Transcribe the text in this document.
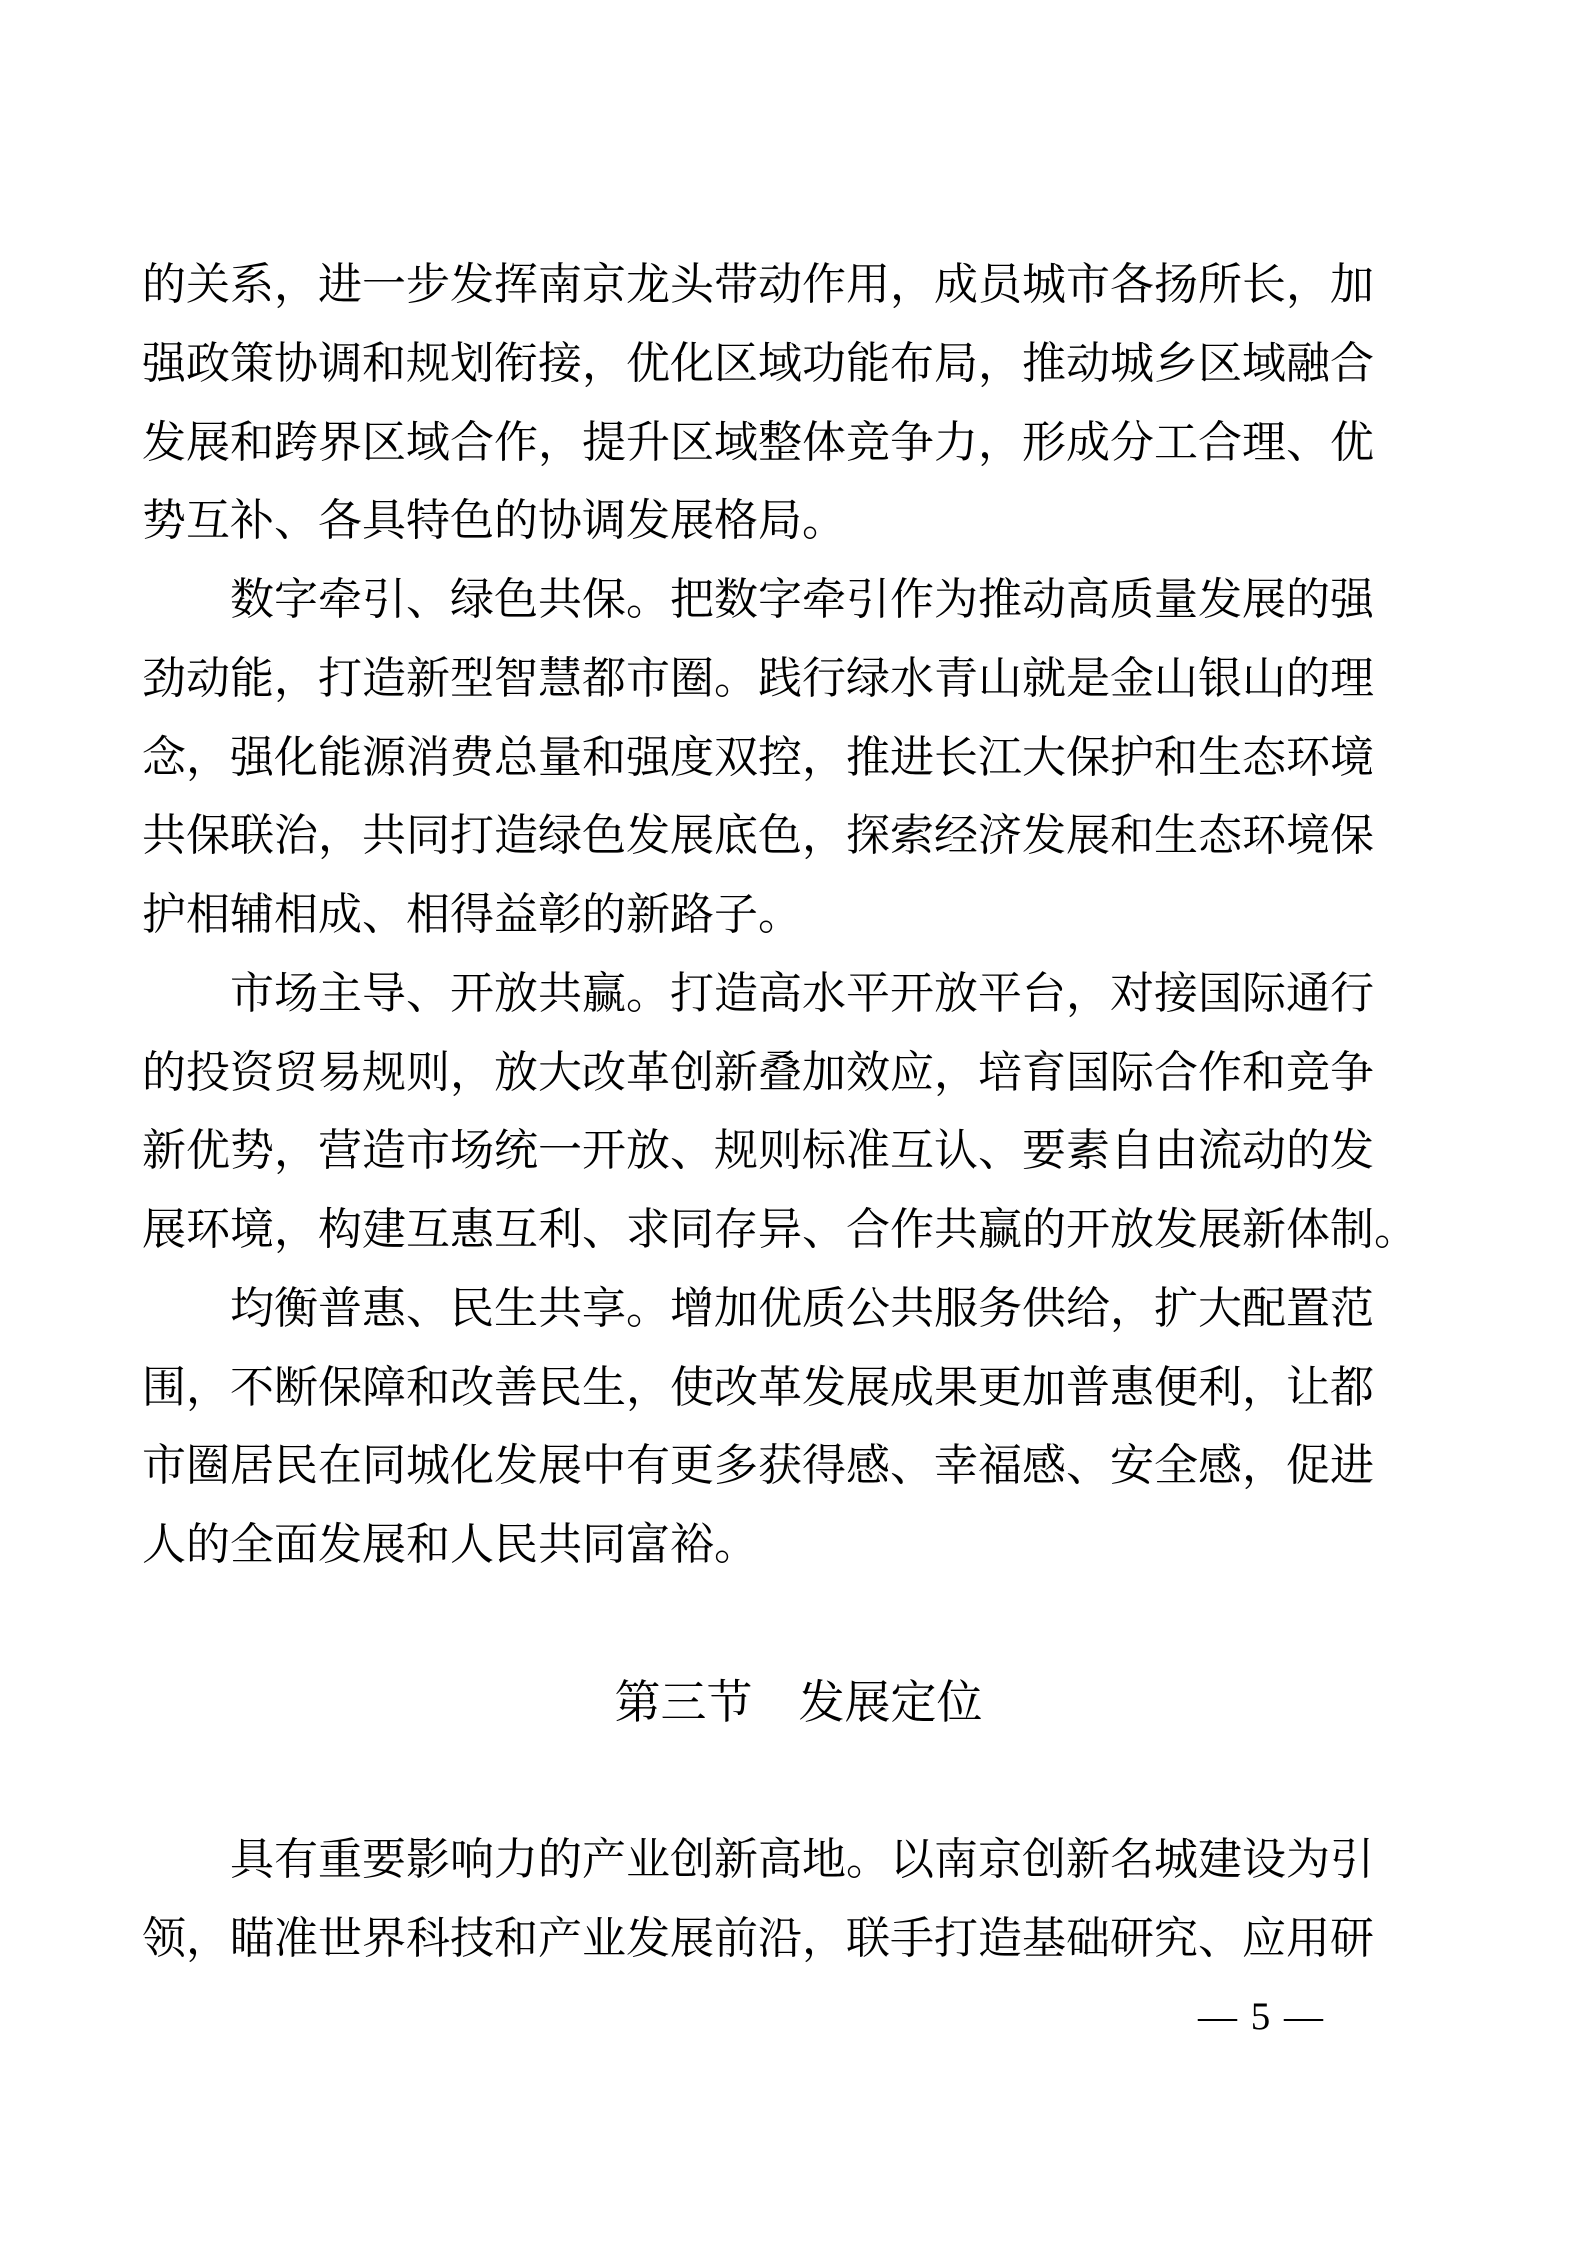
的关系，进一步发挥南京龙头带动作用，成员城市各扬所长，加
强政策协调和规划衔接，优化区域功能布局，推动城乡区域融合
发展和跨界区域合作，提升区域整体竞争力，形成分工合理、优
势互补、各具特色的协调发展格局。
数字牵引、绿色共保。把数字牵引作为推动高质量发展的强
劲动能，打造新型智慧都市圈。践行绿水青山就是金山银山的理
念，强化能源消费总量和强度双控，推进长江大保护和生态环境
共保联治，共同打造绿色发展底色，探索经济发展和生态环境保
护相辅相成、相得益彰的新路子。
市场主导、开放共赢。打造高水平开放平台，对接国际通行
的投资贸易规则，放大改革创新叠加效应，培育国际合作和竞争
新优势，营造市场统一开放、规则标准互认、要素自由流动的发
展环境，构建互惠互利、求同存异、合作共赢的开放发展新体制。
均衡普惠、民生共享。增加优质公共服务供给，扩大配置范
围，不断保障和改善民生，使改革发展成果更加普惠便利，让都
市圈居民在同城化发展中有更多获得感、幸福感、安全感，促进
人的全面发展和人民共同富裕。
第三节　发展定位
具有重要影响力的产业创新高地。以南京创新名城建设为引
领，瞄准世界科技和产业发展前沿，联手打造基础研究、应用研
— 5 —
